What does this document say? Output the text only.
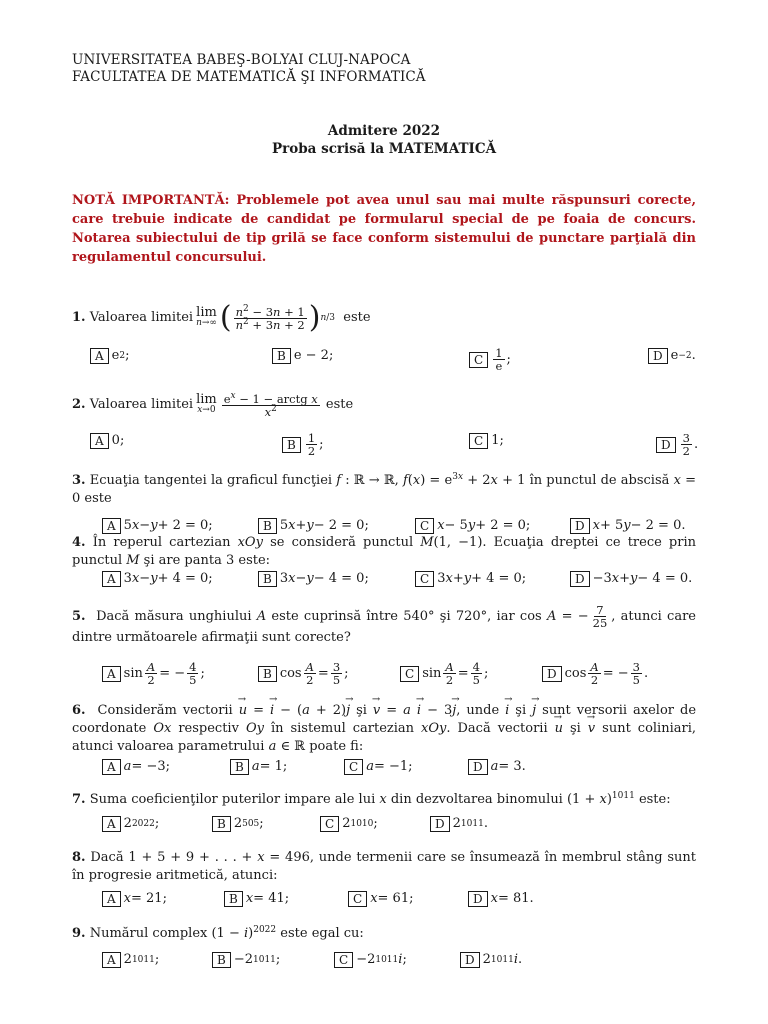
UNIVERSITATEA BABEŞ-BOLYAI CLUJ-NAPOCA
FACULTATEA DE MATEMATICĂ ŞI INFORMATICĂ
Admitere 2022
Proba scrisă la MATEMATICĂ
NOTĂ IMPORTANTĂ: Problemele pot avea unul sau mai multe răspunsuri corecte, care trebuie indicate de candidat pe formularul special de pe foaia de concurs. Notarea subiectului de tip grilă se face conform sistemului de punctare parţială din regulamentul concursului.
1. Valoarea limitei lim
n→∞ ( $\frac{n^2 - 3n + 1}{n^2 + 3n + 2}$ ) n/3 este
A e 2 ;	B e − 2;	C $\frac{1}{e}$ ;	D e −2 .
2. Valoarea limitei lim
$x\to 0 \frac{e^x - 1 - arctg x}{x^2}$ este
A 0;	B $\frac{1}{2}$ ;	C 1;	D $\frac{3}{2}$ .
3. Ecuaţia tangentei la graficul funcţiei f : ℝ → ℝ, $f(x) = e^{3x} + 2x + 1$ în punctul de abscisă x = 0 este
A 5 x − y + 2 = 0;	B 5 x + y − 2 = 0;	C x − 5 y + 2 = 0;	D x + 5 y − 2 = 0.
4. În reperul cartezian xOy se consideră punctul M(1, −1). Ecuaţia dreptei ce trece prin punctul M şi are panta 3 este:
A 3 x − y + 4 = 0;	B 3 x − y − 4 = 0;	C 3 x + y + 4 = 0;	D −3 x + y − 4 = 0.
5.  Dacă măsura unghiului A este cuprinsă între 540° şi 720°, iar cos A = − $\frac{7}{25}$ , atunci care dintre următoarele afirmaţii sunt corecte?
A $\sin \frac{A}{2}$ = − $\frac{4}{5}$ ;	B $\cos \frac{A}{2} = \frac{3}{5}$ ;	C $\sin \frac{A}{2} = \frac{4}{5}$ ;	D $\cos \frac{A}{2}$ = − $\frac{3}{5}$ .
6.  Considerăm vectorii → u = → i − (a + 2)→ j şi → v = a → i − 3→ j, unde → i şi → j sunt versorii axelor de coordonate Ox respectiv Oy în sistemul cartezian xOy. Dacă vectorii → u şi → v sunt coliniari, atunci valoarea parametrului a ∈ ℝ poate fi:
A a = −3;	B a = 1;	C a = −1;	D a = 3.
7. Suma coeficienţilor puterilor impare ale lui x din dezvoltarea binomului $(1 + x)^{1011}$ este:
A 2 2022 ;	B 2 505 ;	C 2 1010 ;	D 2 1011 .
8. Dacă 1 + 5 + 9 + . . . + x = 496, unde termenii care se însumează în membrul stâng sunt în progresie aritmetică, atunci:
A x = 21;	B x = 41;	C x = 61;	D x = 81.
9. Numărul complex $(1 - i)^{2022}$ este egal cu:
A 2 1011 ;	B −2 1011 ;	C −2 1011 i ;	D 2 1011 i .
